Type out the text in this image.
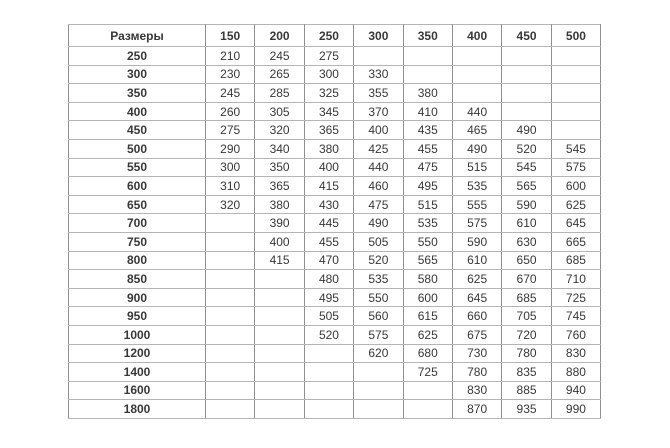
Размеры	150	200	250	300	350	400	450	500
250	210	245	275					
300	230	265	300	330				
350	245	285	325	355	380			
400	260	305	345	370	410	440		
450	275	320	365	400	435	465	490	
500	290	340	380	425	455	490	520	545
550	300	350	400	440	475	515	545	575
600	310	365	415	460	495	535	565	600
650	320	380	430	475	515	555	590	625
700		390	445	490	535	575	610	645
750		400	455	505	550	590	630	665
800		415	470	520	565	610	650	685
850			480	535	580	625	670	710
900			495	550	600	645	685	725
950			505	560	615	660	705	745
1000			520	575	625	675	720	760
1200				620	680	730	780	830
1400					725	780	835	880
1600						830	885	940
1800						870	935	990
